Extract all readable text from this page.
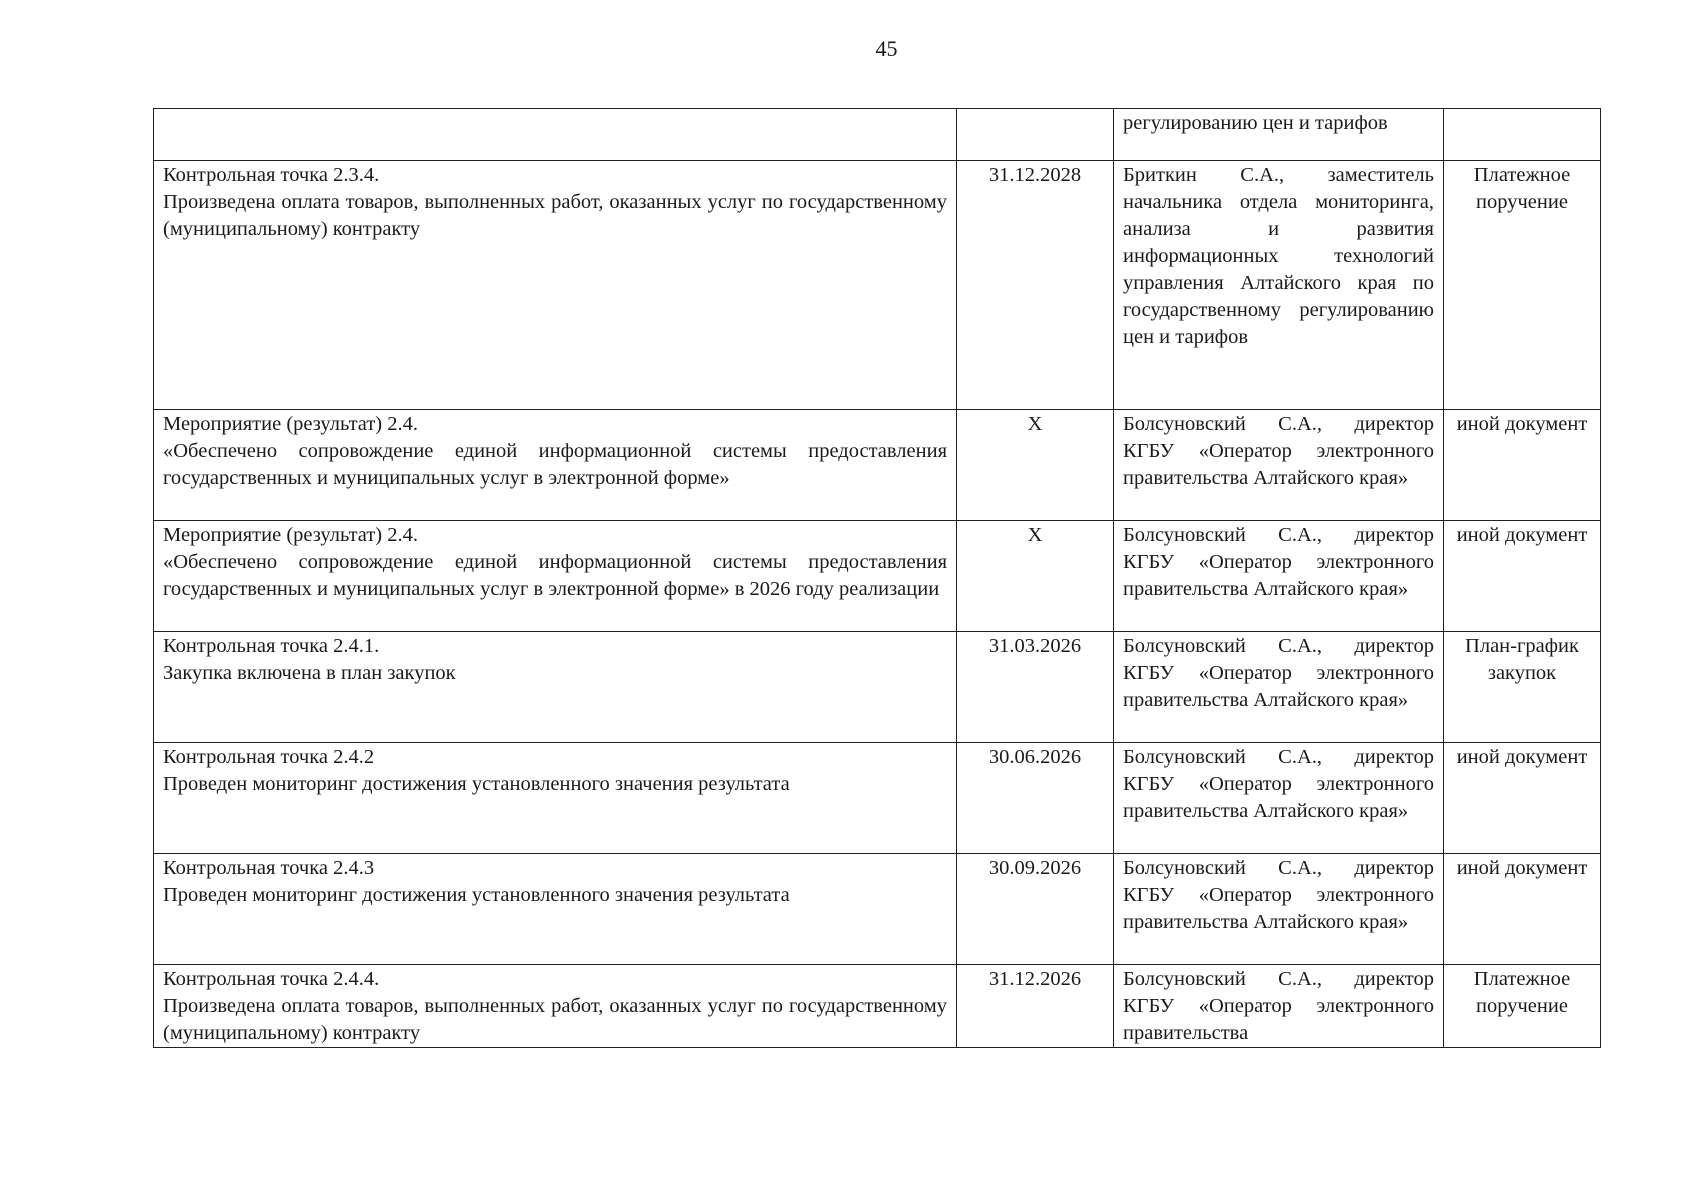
45
		регулированию цен и тарифов	

Контрольная точка 2.3.4.
Произведена оплата товаров, выполненных работ, оказанных услуг по государственному (муниципальному) контракту	31.12.2028	Бриткин С.А., заместитель начальника отдела мониторинга, анализа и развития информационных технологий управления Алтайского края по государственному регулированию цен и тарифов	Платежное поручение

Мероприятие (результат) 2.4.
«Обеспечено сопровождение единой информационной системы предоставления государственных и муниципальных услуг в электронной форме»	Х	Болсуновский С.А., директор КГБУ «Оператор электронного правительства Алтайского края»	иной документ

Мероприятие (результат) 2.4.
«Обеспечено сопровождение единой информационной системы предоставления государственных и муниципальных услуг в электронной форме» в 2026 году реализации	Х	Болсуновский С.А., директор КГБУ «Оператор электронного правительства Алтайского края»	иной документ

Контрольная точка 2.4.1.
Закупка включена в план закупок	31.03.2026	Болсуновский С.А., директор КГБУ «Оператор электронного правительства Алтайского края»	План-график закупок

Контрольная точка 2.4.2
Проведен мониторинг достижения установленного значения результата	30.06.2026	Болсуновский С.А., директор КГБУ «Оператор электронного правительства Алтайского края»	иной документ

Контрольная точка 2.4.3
Проведен мониторинг достижения установленного значения результата	30.09.2026	Болсуновский С.А., директор КГБУ «Оператор электронного правительства Алтайского края»	иной документ

Контрольная точка 2.4.4.
Произведена оплата товаров, выполненных работ, оказанных услуг по государственному (муниципальному) контракту	31.12.2026	Болсуновский С.А., директор КГБУ «Оператор электронного правительства	Платежное поручение
